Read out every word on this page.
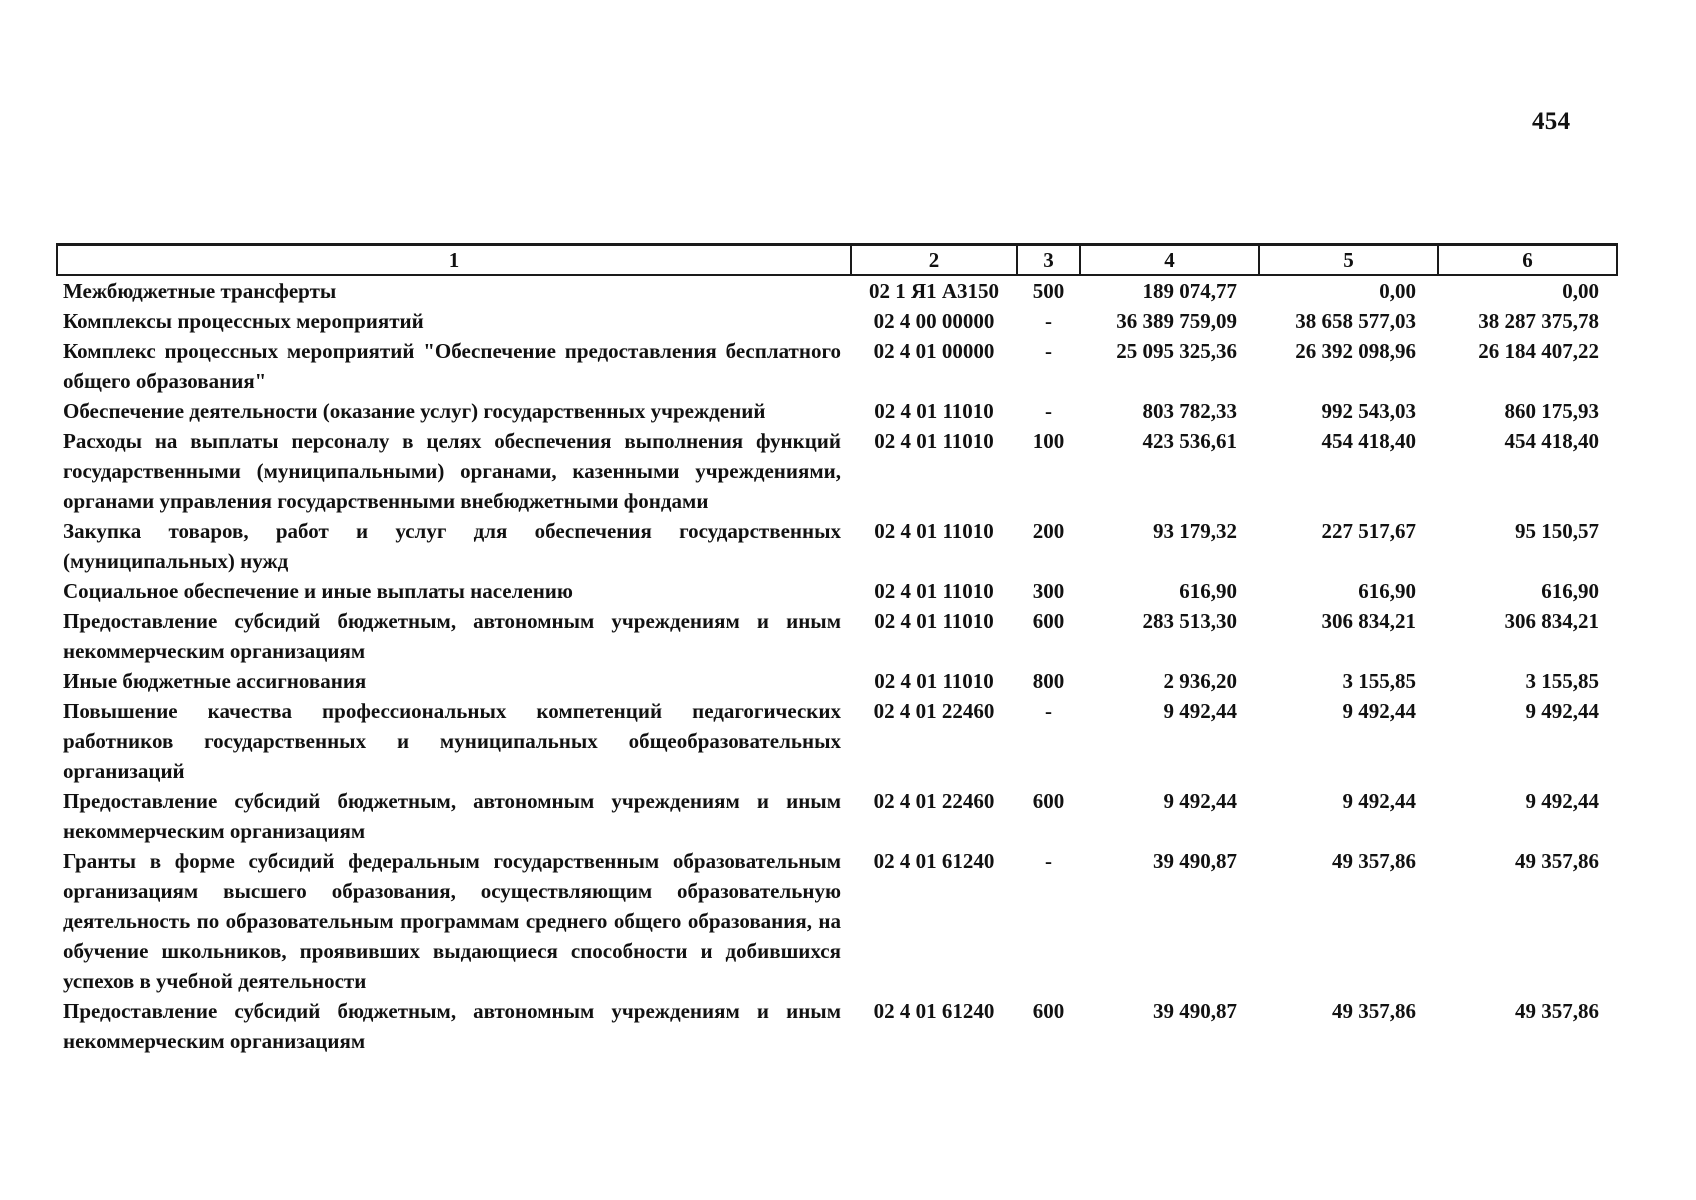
454
1	2	3	4	5	6
Межбюджетные трансферты	02 1 Я1 А3150	500	189 074,77	0,00	0,00
Комплексы процессных мероприятий	02 4 00 00000	-	36 389 759,09	38 658 577,03	38 287 375,78
Комплекс процессных мероприятий "Обеспечение предоставления бесплатного общего образования"	02 4 01 00000	-	25 095 325,36	26 392 098,96	26 184 407,22
Обеспечение деятельности (оказание услуг) государственных учреждений	02 4 01 11010	-	803 782,33	992 543,03	860 175,93
Расходы на выплаты персоналу в целях обеспечения выполнения функций государственными (муниципальными) органами, казенными учреждениями, органами управления государственными внебюджетными фондами	02 4 01 11010	100	423 536,61	454 418,40	454 418,40
Закупка товаров, работ и услуг для обеспечения государственных (муниципальных) нужд	02 4 01 11010	200	93 179,32	227 517,67	95 150,57
Социальное обеспечение и иные выплаты населению	02 4 01 11010	300	616,90	616,90	616,90
Предоставление субсидий бюджетным, автономным учреждениям и иным некоммерческим организациям	02 4 01 11010	600	283 513,30	306 834,21	306 834,21
Иные бюджетные ассигнования	02 4 01 11010	800	2 936,20	3 155,85	3 155,85
Повышение качества профессиональных компетенций педагогических работников государственных и муниципальных общеобразовательных организаций	02 4 01 22460	-	9 492,44	9 492,44	9 492,44
Предоставление субсидий бюджетным, автономным учреждениям и иным некоммерческим организациям	02 4 01 22460	600	9 492,44	9 492,44	9 492,44
Гранты в форме субсидий федеральным государственным образовательным организациям высшего образования, осуществляющим образовательную деятельность по образовательным программам среднего общего образования, на обучение школьников, проявивших выдающиеся способности и добившихся успехов в учебной деятельности	02 4 01 61240	-	39 490,87	49 357,86	49 357,86
Предоставление субсидий бюджетным, автономным учреждениям и иным некоммерческим организациям	02 4 01 61240	600	39 490,87	49 357,86	49 357,86
